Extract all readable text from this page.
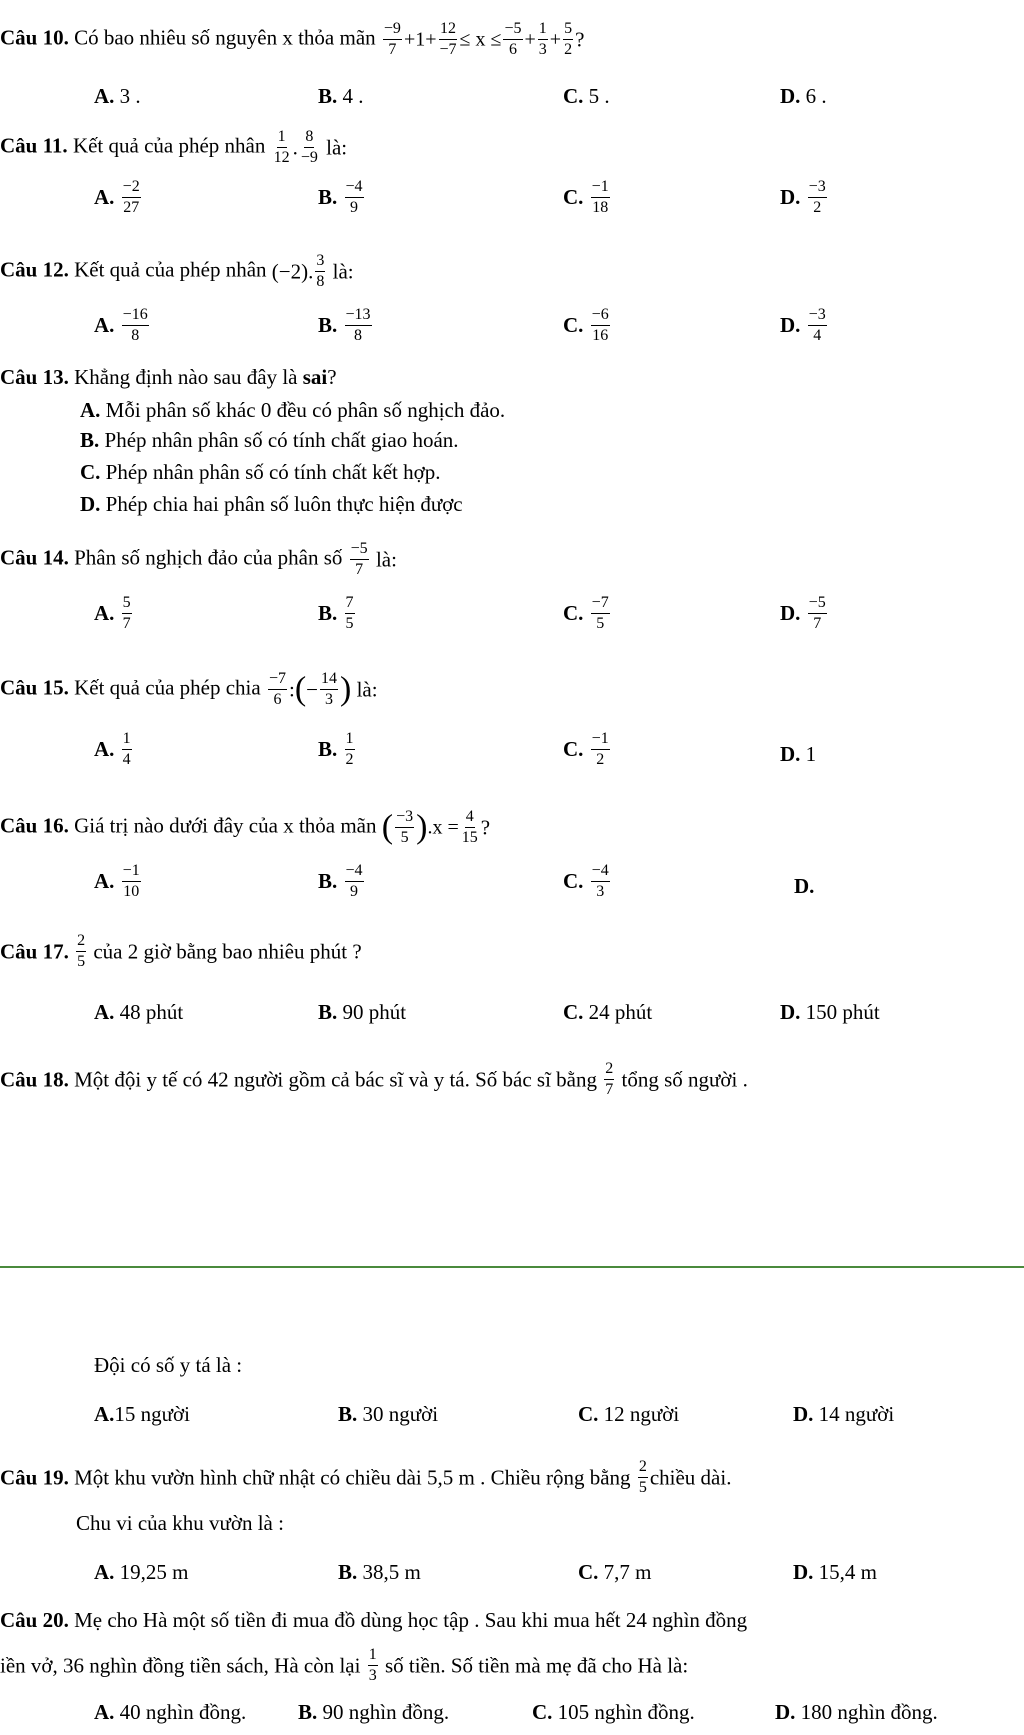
Câu 10. Có bao nhiêu số nguyên x thỏa mãn $\frac{-9}{7} +1+ \frac{12}{-7} \le x \le \frac{-5}{6} + \frac{1}{3} + \frac{5}{2}$ ?
A. 3 .	B. 4 .	C. 5 .	D. 6 .
Câu 11. Kết quả của phép nhân $\frac{1}{12}$ . $\frac{8}{-9}$ là:
A. $\frac{-2}{27}$	B. $\frac{-4}{9}$	C. $\frac{-1}{18}$	D. $\frac{-3}{2}$
Câu 12. Kết quả của phép nhân (−2). $\frac{3}{8}$ là:
A. $\frac{-16}{8}$	B. $\frac{-13}{8}$	C. $\frac{-6}{16}$	D. $\frac{-3}{4}$
Câu 13. Khẳng định nào sau đây là sai?
A. Mỗi phân số khác 0 đều có phân số nghịch đảo.
B. Phép nhân phân số có tính chất giao hoán.
C. Phép nhân phân số có tính chất kết hợp.
D. Phép chia hai phân số luôn thực hiện được
Câu 14. Phân số nghịch đảo của phân số $\frac{-5}{7}$ là:
A. $\frac{5}{7}$	B. $\frac{7}{5}$	C. $\frac{-7}{5}$	D. $\frac{-5}{7}$
Câu 15. Kết quả của phép chia $\frac{-7}{6}$ :(− $\frac{14}{3}$ ) là:
A. $\frac{1}{4}$	B. $\frac{1}{2}$	C. $\frac{-1}{2}$	D. 1
Câu 16. Giá trị nào dưới đây của x thỏa mãn ( $\frac{-3}{5} ).x = \frac{4}{15}$ ?
A. $\frac{-1}{10}$	B. $\frac{-4}{9}$	C. $\frac{-4}{3}$	D.
Câu 17. $\frac{2}{5}$ của 2 giờ bằng bao nhiêu phút ?
A. 48 phút	B. 90 phút	C. 24 phút	D. 150 phút
Câu 18. Một đội y tế có 42 người gồm cả bác sĩ và y tá. Số bác sĩ bằng $\frac{2}{7}$ tổng số người .
Đội có số y tá là :
A.15 người	B. 30 người	C. 12 người	D. 14 người
Câu 19. Một khu vườn hình chữ nhật có chiều dài 5,5 m . Chiều rộng bằng $\frac{2}{5}$ chiều dài.
Chu vi của khu vườn là :
A. 19,25 m	B. 38,5 m	C. 7,7 m	D. 15,4 m
Câu 20. Mẹ cho Hà một số tiền đi mua đồ dùng học tập . Sau khi mua hết 24 nghìn đồng
iền vở, 36 nghìn đồng tiền sách, Hà còn lại $\frac{1}{3}$ số tiền. Số tiền mà mẹ đã cho Hà là:
A. 40 nghìn đồng. B. 90 nghìn đồng.	C. 105 nghìn đồng.	D. 180 nghìn đồng.
